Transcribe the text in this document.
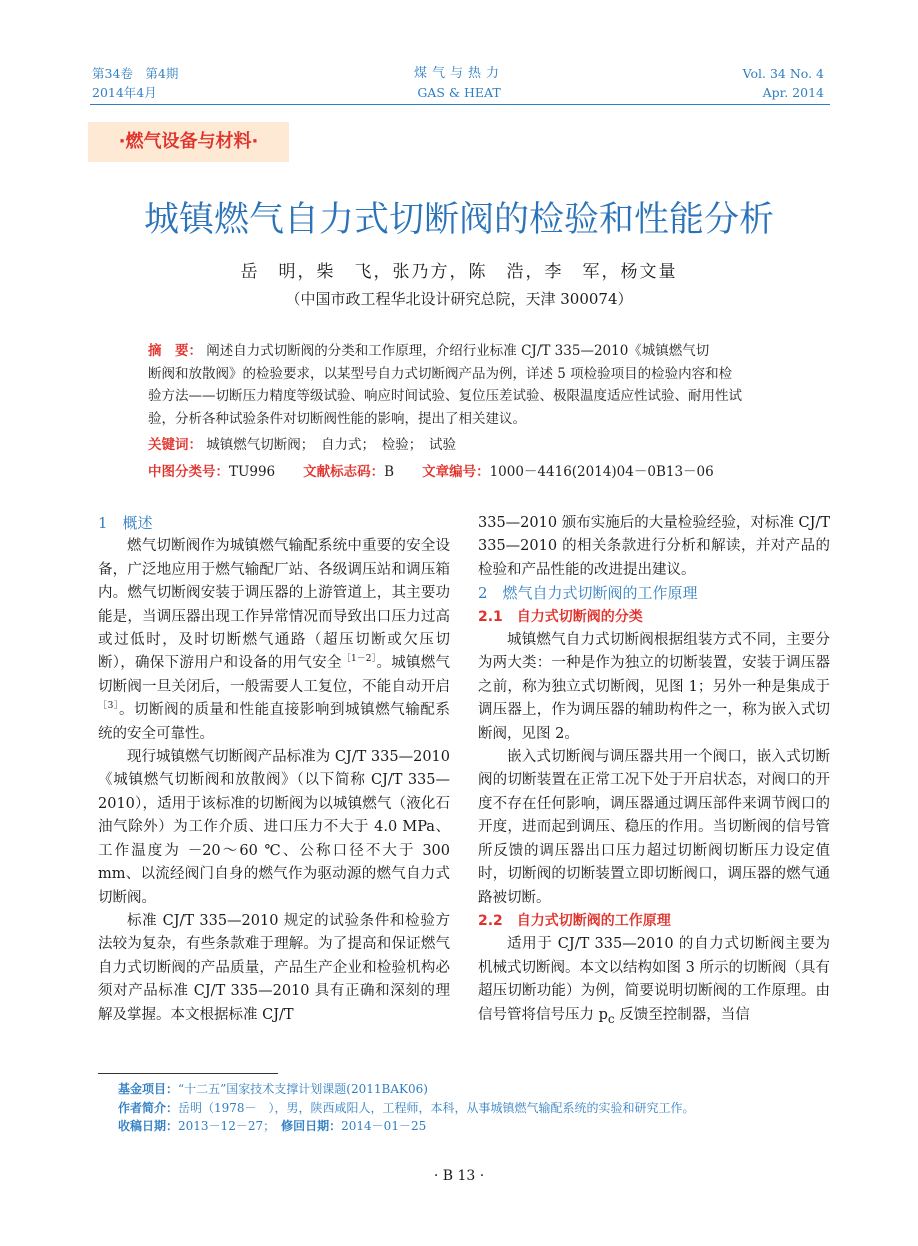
第34卷　第4期
2014年4月
煤气与热力
GAS & HEAT
Vol. 34 No. 4
Apr. 2014
·燃气设备与材料·
城镇燃气自力式切断阀的检验和性能分析
岳　明，柴　飞，张乃方，陈　浩，李　军，杨文量
（中国市政工程华北设计研究总院，天津 300074）
摘　要： 阐述自力式切断阀的分类和工作原理，介绍行业标准 CJ/T 335—2010《城镇燃气切
断阀和放散阀》的检验要求，以某型号自力式切断阀产品为例，详述 5 项检验项目的检验内容和检
验方法——切断压力精度等级试验、响应时间试验、复位压差试验、极限温度适应性试验、耐用性试
验，分析各种试验条件对切断阀性能的影响，提出了相关建议。
关键词： 城镇燃气切断阀；　自力式；　检验；　试验
中图分类号：TU996 文献标志码：B 文章编号：1000－4416(2014)04－0B13－06
1　概述

燃气切断阀作为城镇燃气输配系统中重要的安全设备，广泛地应用于燃气输配厂站、各级调压站和调压箱内。燃气切断阀安装于调压器的上游管道上，其主要功能是，当调压器出现工作异常情况而导致出口压力过高或过低时，及时切断燃气通路（超压切断或欠压切断），确保下游用户和设备的用气安全$^{[1-2]}$。城镇燃气切断阀一旦关闭后，一般需要人工复位，不能自动开启$^{[3]}$。切断阀的质量和性能直接影响到城镇燃气输配系统的安全可靠性。

现行城镇燃气切断阀产品标准为 CJ/T 335—2010《城镇燃气切断阀和放散阀》（以下简称 CJ/T 335—2010），适用于该标准的切断阀为以城镇燃气（液化石油气除外）为工作介质、进口压力不大于 4.0 MPa、工作温度为 －20～60 ℃、公称口径不大于 300 mm、以流经阀门自身的燃气作为驱动源的燃气自力式切断阀。

标准 CJ/T 335—2010 规定的试验条件和检验方法较为复杂，有些条款难于理解。为了提高和保证燃气自力式切断阀的产品质量，产品生产企业和检验机构必须对产品标准 CJ/T 335—2010 具有正确和深刻的理解及掌握。本文根据标准 CJ/T

335—2010 颁布实施后的大量检验经验，对标准 CJ/T 335—2010 的相关条款进行分析和解读，并对产品的检验和产品性能的改进提出建议。

2　燃气自力式切断阀的工作原理
2.1　自力式切断阀的分类

城镇燃气自力式切断阀根据组装方式不同，主要分为两大类：一种是作为独立的切断装置，安装于调压器之前，称为独立式切断阀，见图 1；另外一种是集成于调压器上，作为调压器的辅助构件之一，称为嵌入式切断阀，见图 2。

嵌入式切断阀与调压器共用一个阀口，嵌入式切断阀的切断装置在正常工况下处于开启状态，对阀口的开度不存在任何影响，调压器通过调压部件来调节阀口的开度，进而起到调压、稳压的作用。当切断阀的信号管所反馈的调压器出口压力超过切断阀切断压力设定值时，切断阀的切断装置立即切断阀口，调压器的燃气通路被切断。

2.2　自力式切断阀的工作原理

适用于 CJ/T 335—2010 的自力式切断阀主要为机械式切断阀。本文以结构如图 3 所示的切断阀（具有超压切断功能）为例，简要说明切断阀的工作原理。由信号管将信号压力 $p_c$ 反馈至控制器，当信

基金项目：“十二五”国家技术支撑计划课题(2011BAK06)
作者简介：岳明（1978－　），男，陕西咸阳人，工程师，本科，从事城镇燃气输配系统的实验和研究工作。
收稿日期：2013－12－27；　 修回日期：2014－01－25
· B 13 ·
